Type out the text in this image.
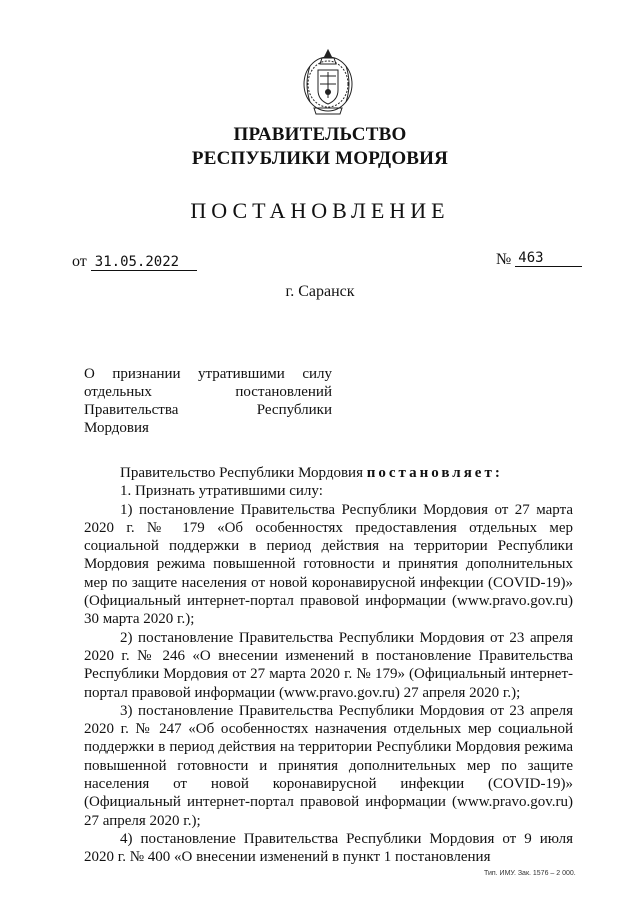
ПРАВИТЕЛЬСТВО
РЕСПУБЛИКИ МОРДОВИЯ
ПОСТАНОВЛЕНИЕ
от 31.05.2022	№ 463
г. Саранск
О признании утратившими силу
отдельных постановлений
Правительства Республики
Мордовия

Правительство Республики Мордовия постановляет:

1. Признать утратившими силу:

1) постановление Правительства Республики Мордовия от 27 марта 2020 г. № 179 «Об особенностях предоставления отдельных мер социальной поддержки в период действия на территории Республики Мордовия режима повышенной готовности и принятия дополнительных мер по защите населения от новой коронавирусной инфекции (COVID-19)» (Официальный интернет-портал правовой информации (www.pravo.gov.ru) 30 марта 2020 г.);

2) постановление Правительства Республики Мордовия от 23 апреля 2020 г. № 246 «О внесении изменений в постановление Правительства Республики Мордовия от 27 марта 2020 г. № 179» (Официальный интернет-портал правовой информации (www.pravo.gov.ru) 27 апреля 2020 г.);

3) постановление Правительства Республики Мордовия от 23 апреля 2020 г. № 247 «Об особенностях назначения отдельных мер социальной поддержки в период действия на территории Республики Мордовия режима повышенной готовности и принятия дополнительных мер по защите населения от новой коронавирусной инфекции (COVID-19)» (Официальный интернет-портал правовой информации (www.pravo.gov.ru) 27 апреля 2020 г.);

4) постановление Правительства Республики Мордовия от 9 июля 2020 г. № 400 «О внесении изменений в пункт 1 постановления

Тип. ИМУ. Зак. 1576 – 2 000.
